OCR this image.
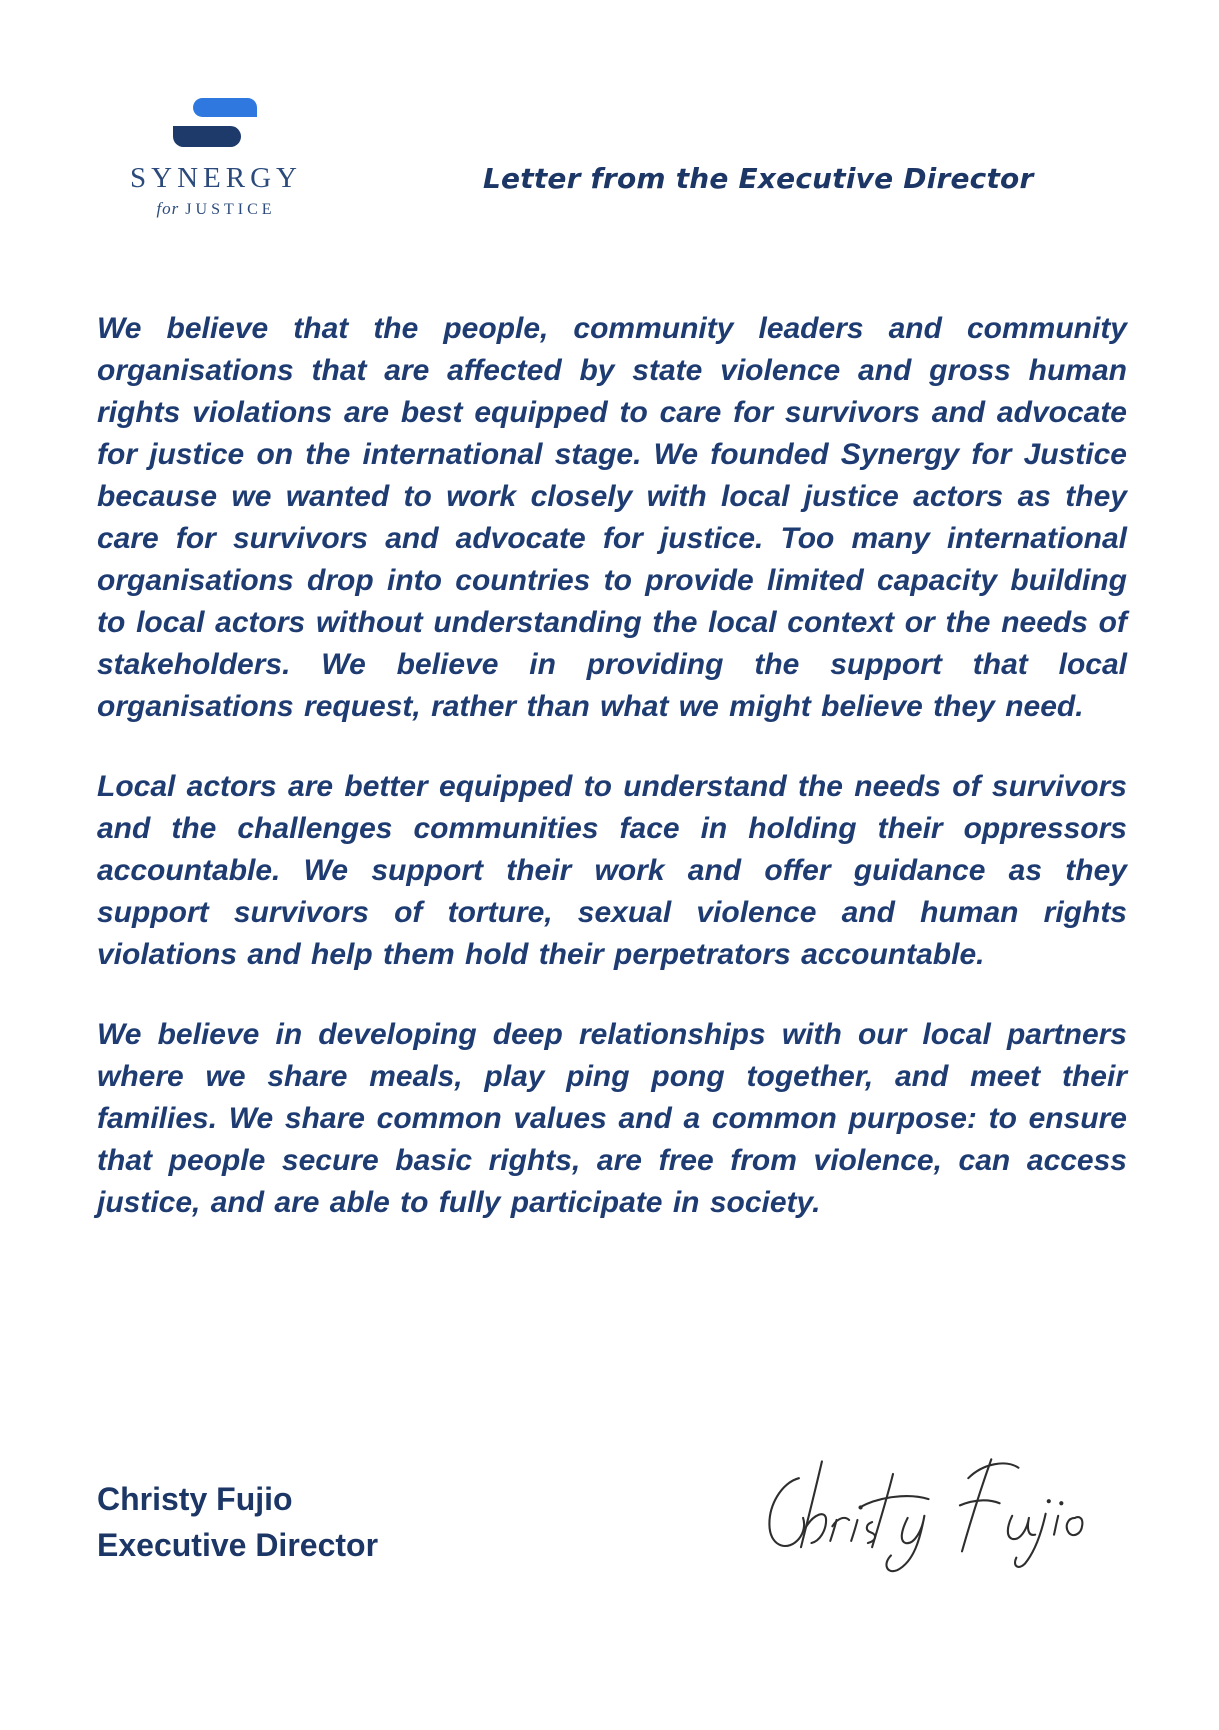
SYNERGY
for JUSTICE
Letter from the Executive Director

We believe that the people, community leaders and community organisations that are affected by state violence and gross human rights violations are best equipped to care for survivors and advocate for justice on the international stage. We founded Synergy for Justice because we wanted to work closely with local justice actors as they care for survivors and advocate for justice. Too many international organisations drop into countries to provide limited capacity building to local actors without understanding the local context or the needs of stakeholders. We believe in providing the support that local organisations request, rather than what we might believe they need.

Local actors are better equipped to understand the needs of survivors and the challenges communities face in holding their oppressors accountable. We support their work and offer guidance as they support survivors of torture, sexual violence and human rights violations and help them hold their perpetrators accountable.

We believe in developing deep relationships with our local partners where we share meals, play ping pong together, and meet their families. We share common values and a common purpose: to ensure that people secure basic rights, are free from violence, can access justice, and are able to fully participate in society.

Christy Fujio
Executive Director
